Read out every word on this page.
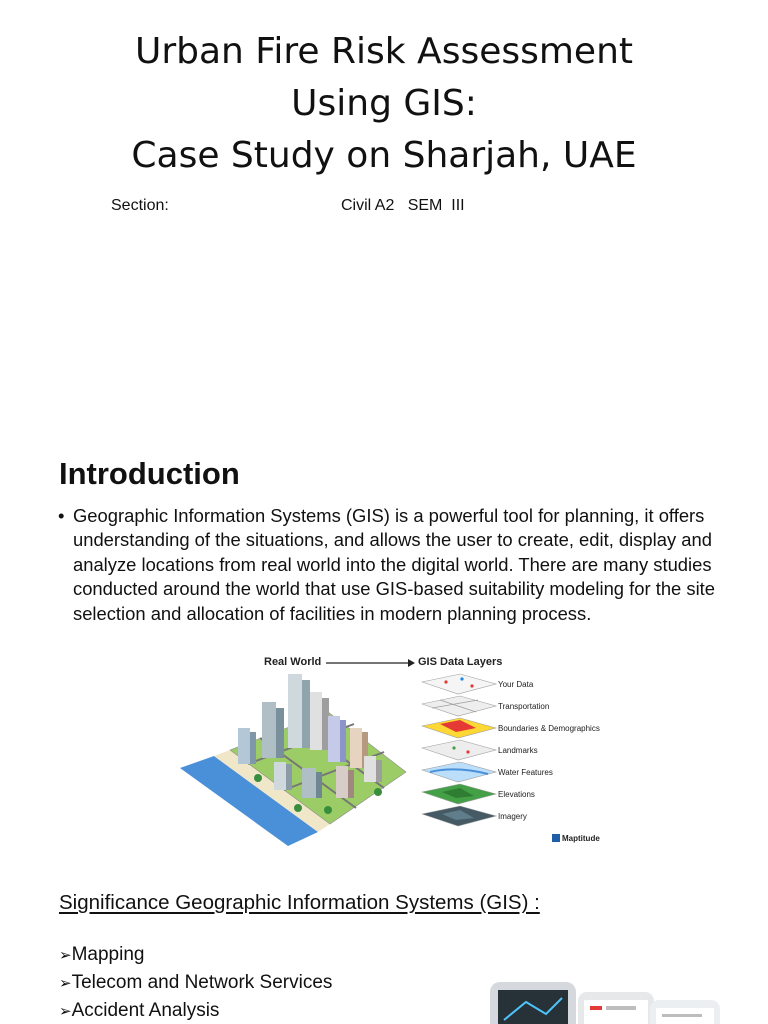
Urban Fire Risk Assessment
Using GIS:
Case Study on Sharjah, UAE
Section:	Civil A2   SEM  III
Introduction
• Geographic Information Systems (GIS) is a powerful tool for planning, it offers understanding of the situations, and allows the user to create, edit, display and analyze locations from real world into the digital world. There are many studies conducted around the world that use GIS-based suitability modeling for the site selection and allocation of facilities in modern planning process.
Real World	GIS Data Layers
Your Data
Transportation
Boundaries & Demographics
Landmarks
Water Features
Elevations
Imagery
Maptitude
Significance Geographic Information Systems (GIS) :
➢Mapping
➢Telecom and Network Services
➢Accident Analysis
